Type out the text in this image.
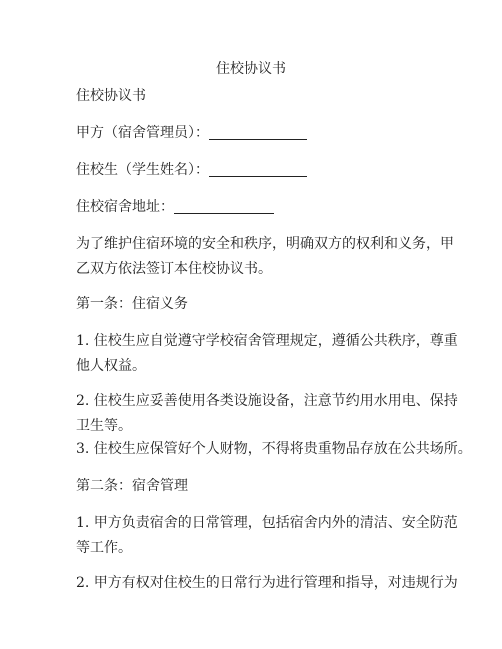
住校协议书
住校协议书
甲方（宿舍管理员）：
住校生（学生姓名）：
住校宿舍地址：
为了维护住宿环境的安全和秩序，明确双方的权利和义务，甲
乙双方依法签订本住校协议书。
第一条：住宿义务
1. 住校生应自觉遵守学校宿舍管理规定，遵循公共秩序，尊重
他人权益。
2. 住校生应妥善使用各类设施设备，注意节约用水用电、保持
卫生等。
3. 住校生应保管好个人财物，不得将贵重物品存放在公共场所。
第二条：宿舍管理
1. 甲方负责宿舍的日常管理，包括宿舍内外的清洁、安全防范
等工作。
2. 甲方有权对住校生的日常行为进行管理和指导，对违规行为
